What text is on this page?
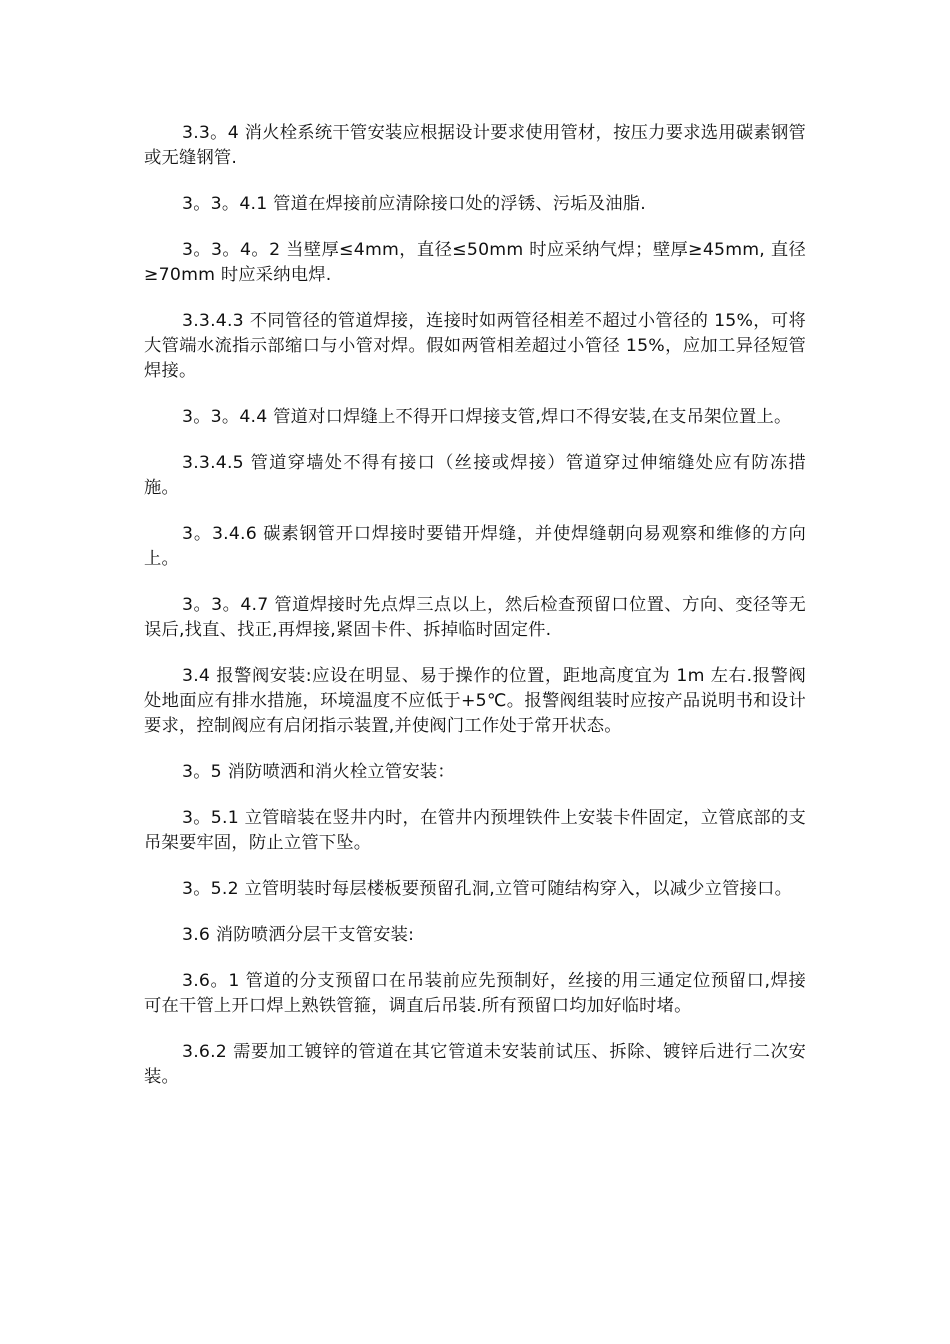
3.3。4 消火栓系统干管安装应根据设计要求使用管材，按压力要求选用碳素钢管或无缝钢管.

3。3。4.1 管道在焊接前应清除接口处的浮锈、污垢及油脂.

3。3。4。2 当壁厚≤4mm，直径≤50mm 时应采纳气焊；壁厚≥45mm, 直径≥70mm 时应采纳电焊.

3.3.4.3 不同管径的管道焊接，连接时如两管径相差不超过小管径的 15%，可将大管端水流指示部缩口与小管对焊。假如两管相差超过小管径 15%，应加工异径短管焊接。

3。3。4.4 管道对口焊缝上不得开口焊接支管,焊口不得安装,在支吊架位置上。

3.3.4.5 管道穿墙处不得有接口（丝接或焊接）管道穿过伸缩缝处应有防冻措施。

3。3.4.6 碳素钢管开口焊接时要错开焊缝，并使焊缝朝向易观察和维修的方向上。

3。3。4.7 管道焊接时先点焊三点以上，然后检查预留口位置、方向、变径等无误后,找直、找正,再焊接,紧固卡件、拆掉临时固定件.

3.4 报警阀安装:应设在明显、易于操作的位置，距地高度宜为 1m 左右.报警阀处地面应有排水措施，环境温度不应低于+5℃。报警阀组装时应按产品说明书和设计要求，控制阀应有启闭指示装置,并使阀门工作处于常开状态。

3。5 消防喷洒和消火栓立管安装：

3。5.1 立管暗装在竖井内时，在管井内预埋铁件上安装卡件固定，立管底部的支吊架要牢固，防止立管下坠。

3。5.2 立管明装时每层楼板要预留孔洞,立管可随结构穿入，以减少立管接口。

3.6 消防喷洒分层干支管安装:

3.6。1 管道的分支预留口在吊装前应先预制好，丝接的用三通定位预留口,焊接可在干管上开口焊上熟铁管箍，调直后吊装.所有预留口均加好临时堵。

3.6.2 需要加工镀锌的管道在其它管道未安装前试压、拆除、镀锌后进行二次安装。
